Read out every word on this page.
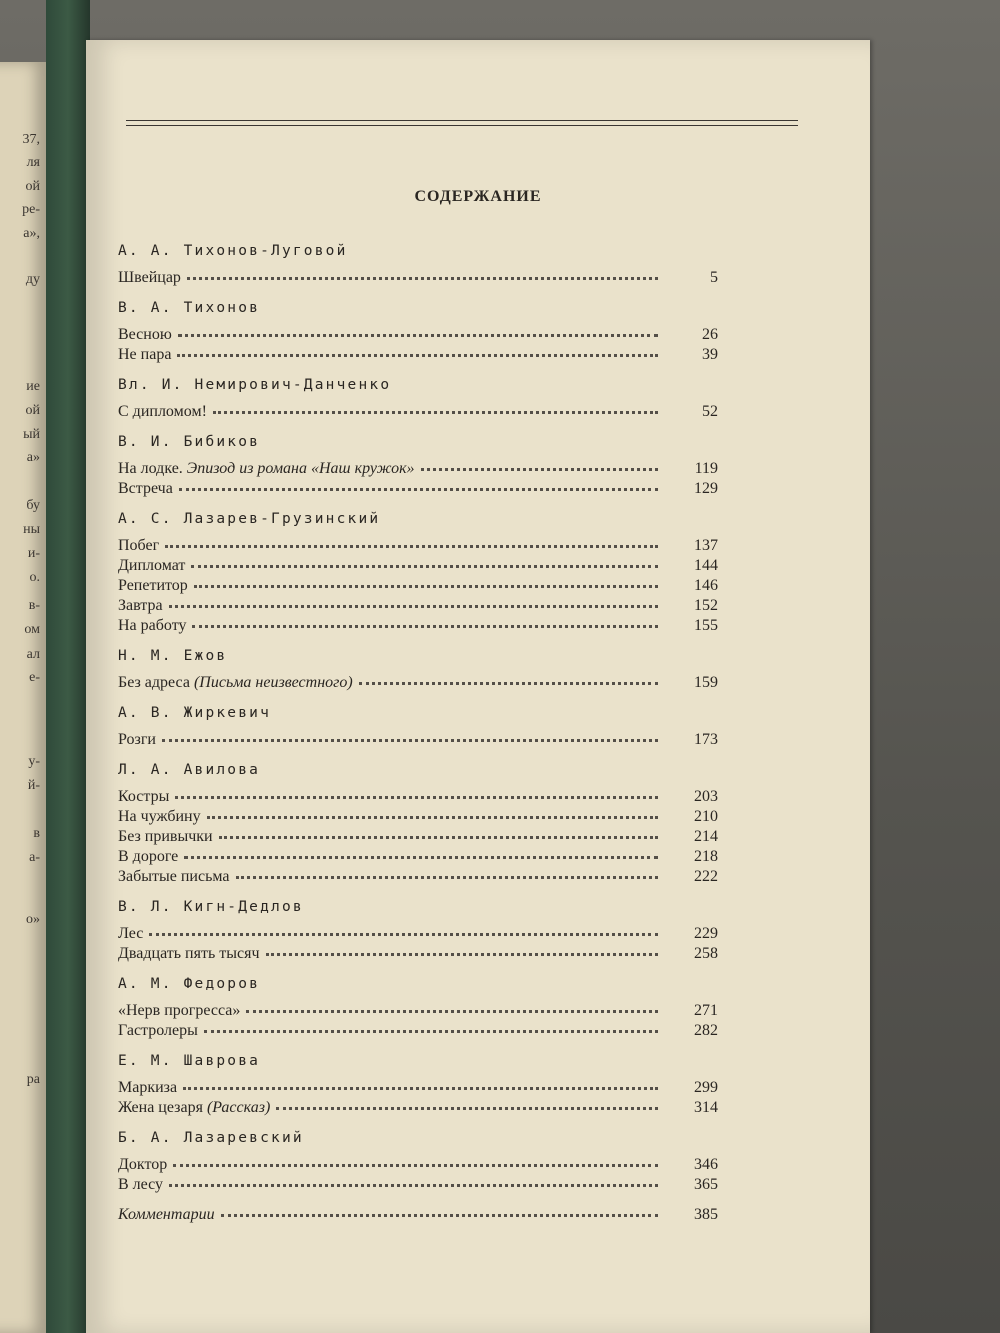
37,
ля
ой
ре-
а»,
ду
ие
ой
ый
а»
бу
ны
и-
о.
в-
ом
ал
е-
у-
й-
в
а-
о»
ра
СОДЕРЖАНИЕ
А. А. Тихонов-Луговой
Швейцар	5
В. А. Тихонов
Весною	26
Не пара	39
Вл. И. Немирович-Данченко
С дипломом!	52
В. И. Бибиков
На лодке. Эпизод из романа «Наш кружок»	119
Встреча	129
А. С. Лазарев-Грузинский
Побег	137
Дипломат	144
Репетитор	146
Завтра	152
На работу	155
Н. М. Ежов
Без адреса (Письма неизвестного)	159
А. В. Жиркевич
Розги	173
Л. А. Авилова
Костры	203
На чужбину	210
Без привычки	214
В дороге	218
Забытые письма	222
В. Л. Кигн-Дедлов
Лес	229
Двадцать пять тысяч	258
А. М. Федоров
«Нерв прогресса»	271
Гастролеры	282
Е. М. Шаврова
Маркиза	299
Жена цезаря (Рассказ)	314
Б. А. Лазаревский
Доктор	346
В лесу	365
Комментарии	385
